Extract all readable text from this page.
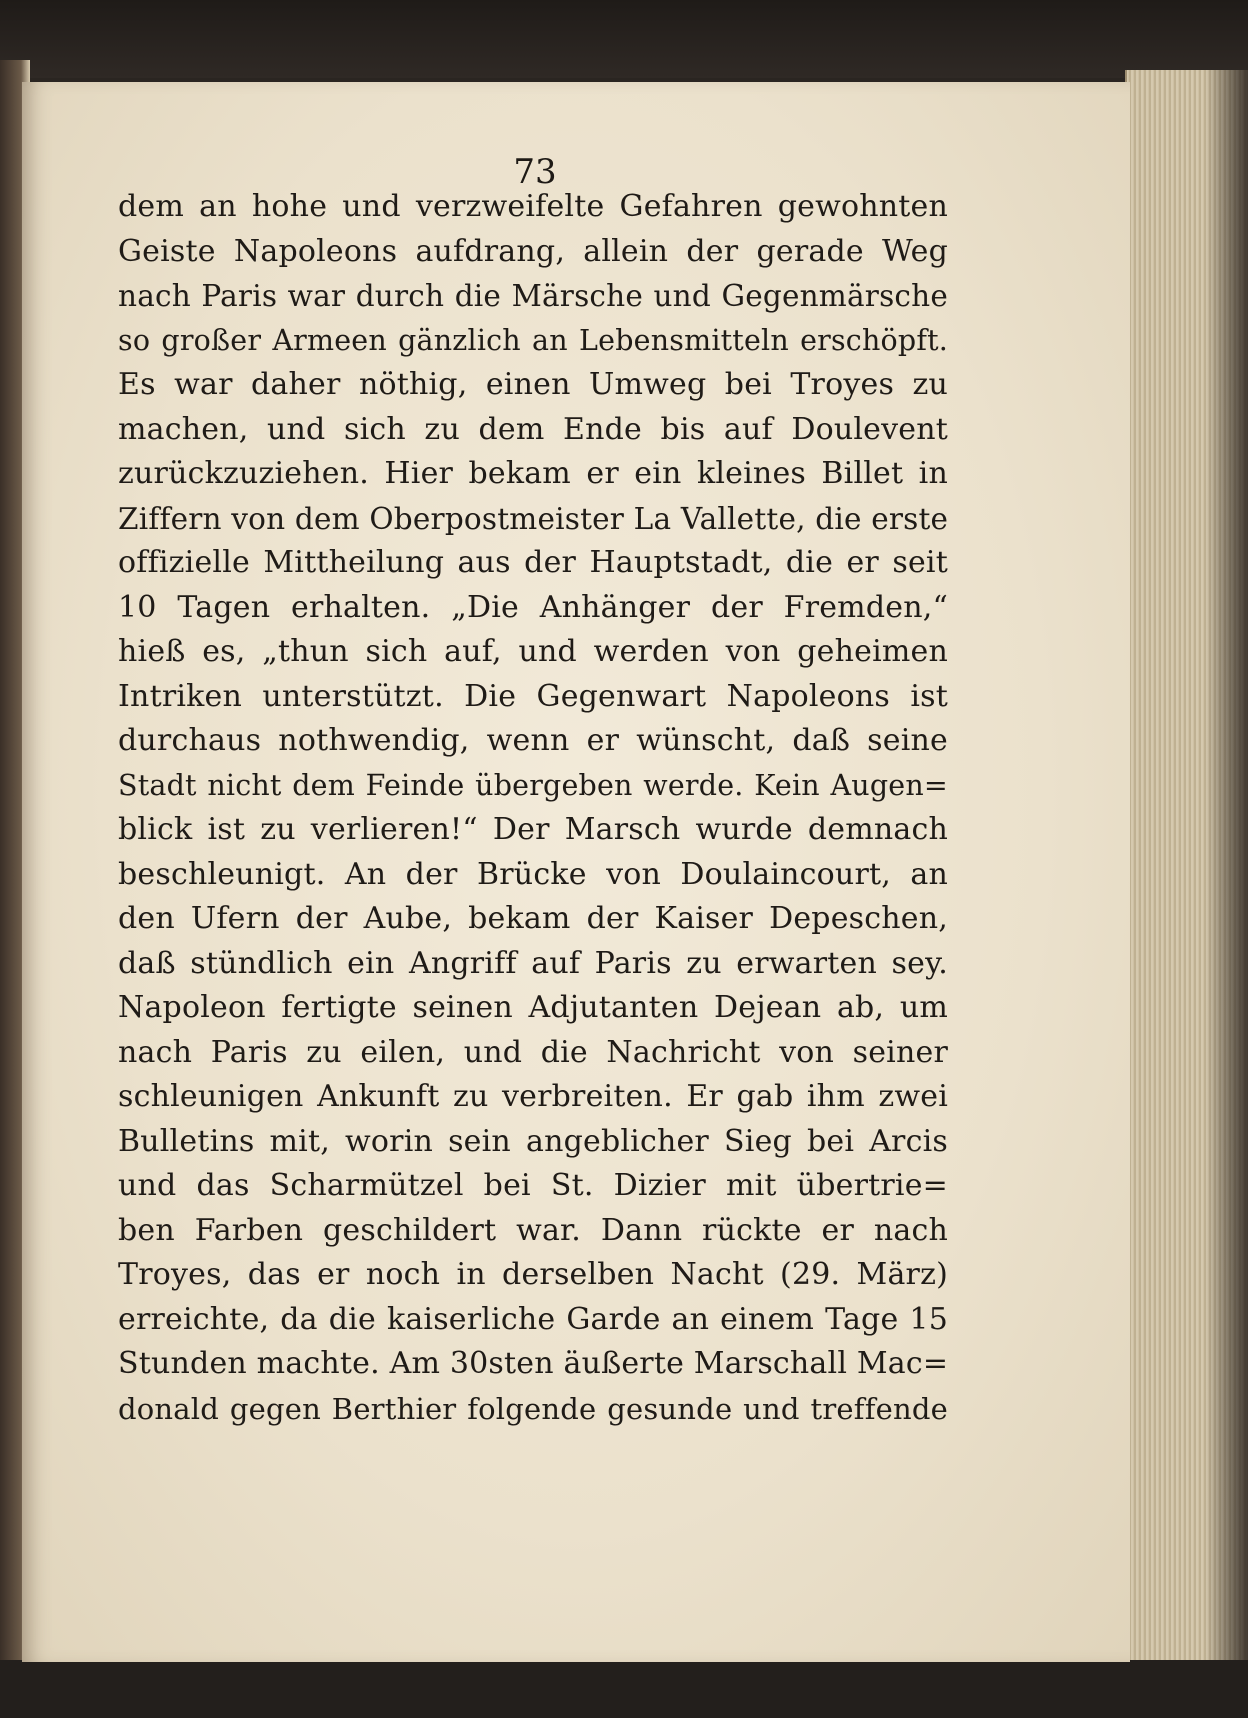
73
dem an hohe und verzweifelte Gefahren gewohnten
Geiste Napoleons aufdrang, allein der gerade Weg
nach Paris war durch die Märsche und Gegenmärsche
so großer Armeen gänzlich an Lebensmitteln erschöpft.
Es war daher nöthig, einen Umweg bei Troyes zu
machen, und sich zu dem Ende bis auf Doulevent
zurückzuziehen. Hier bekam er ein kleines Billet in
Ziffern von dem Oberpostmeister La Vallette, die erste
offizielle Mittheilung aus der Hauptstadt, die er seit
10 Tagen erhalten. „Die Anhänger der Fremden,“
hieß es, „thun sich auf, und werden von geheimen
Intriken unterstützt. Die Gegenwart Napoleons ist
durchaus nothwendig, wenn er wünscht, daß seine
Stadt nicht dem Feinde übergeben werde. Kein Augen=
blick ist zu verlieren!“ Der Marsch wurde demnach
beschleunigt. An der Brücke von Doulaincourt, an
den Ufern der Aube, bekam der Kaiser Depeschen,
daß stündlich ein Angriff auf Paris zu erwarten sey.
Napoleon fertigte seinen Adjutanten Dejean ab, um
nach Paris zu eilen, und die Nachricht von seiner
schleunigen Ankunft zu verbreiten. Er gab ihm zwei
Bulletins mit, worin sein angeblicher Sieg bei Arcis
und das Scharmützel bei St. Dizier mit übertrie=
ben Farben geschildert war. Dann rückte er nach
Troyes, das er noch in derselben Nacht (29. März)
erreichte, da die kaiserliche Garde an einem Tage 15
Stunden machte. Am 30sten äußerte Marschall Mac=
donald gegen Berthier folgende gesunde und treffende
